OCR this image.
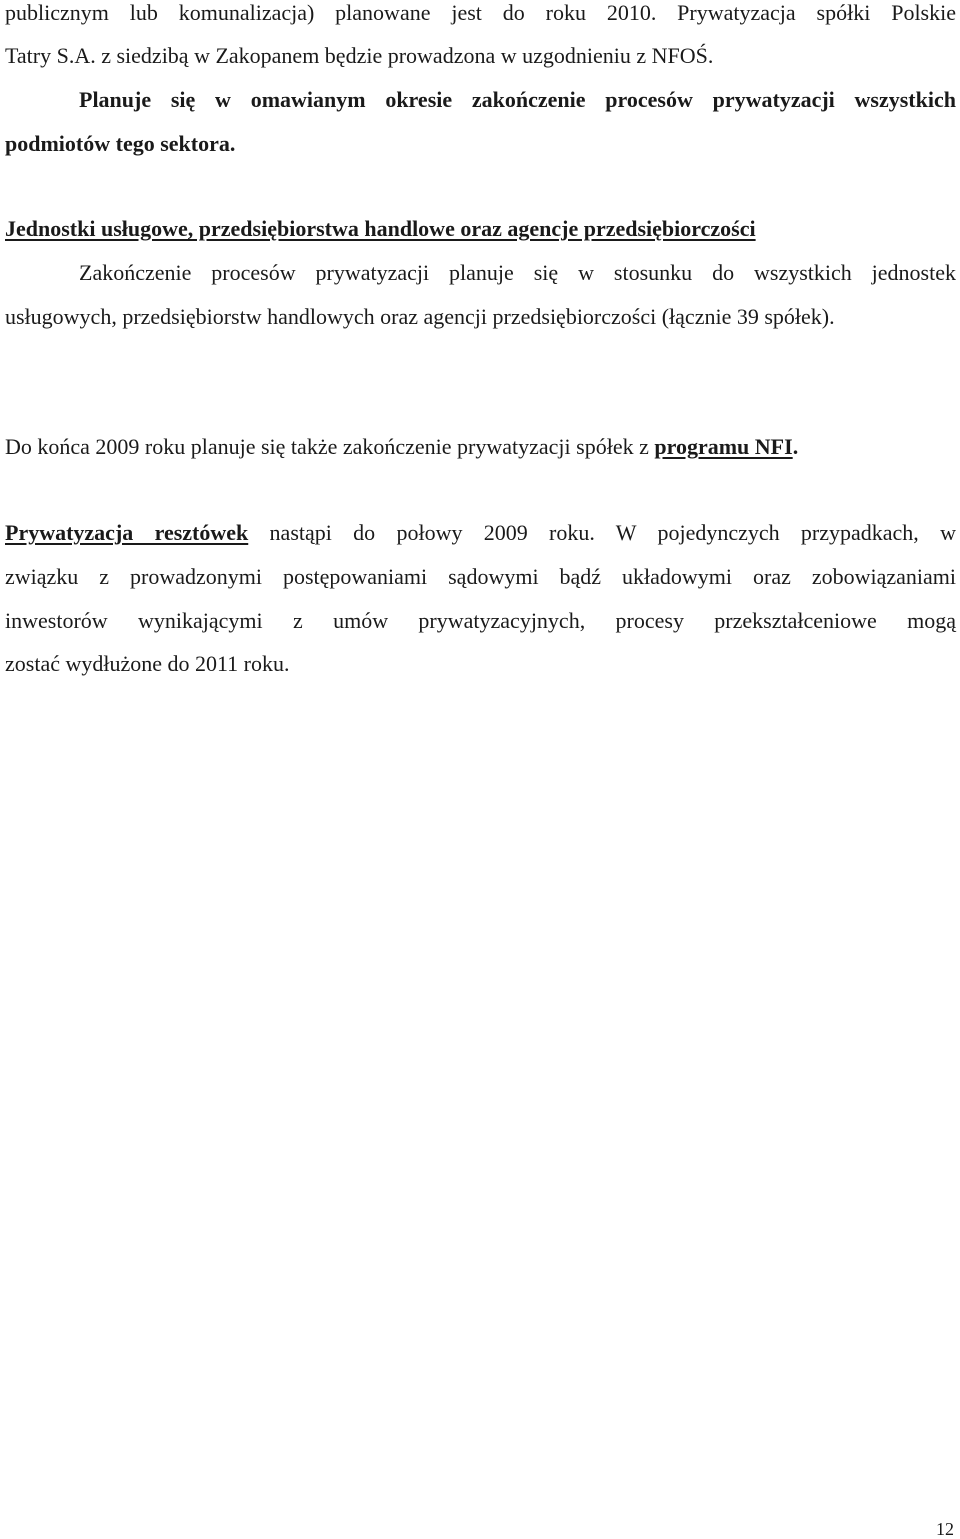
publicznym lub komunalizacja) planowane jest do roku 2010. Prywatyzacja spółki Polskie
Tatry S.A. z siedzibą w Zakopanem będzie prowadzona w uzgodnieniu z NFOŚ.
Planuje się w omawianym okresie zakończenie procesów prywatyzacji wszystkich
podmiotów tego sektora.
Jednostki usługowe, przedsiębiorstwa handlowe oraz agencje przedsiębiorczości
Zakończenie procesów prywatyzacji planuje się w stosunku do wszystkich jednostek
usługowych, przedsiębiorstw handlowych oraz agencji przedsiębiorczości (łącznie 39 spółek).
Do końca 2009 roku planuje się także zakończenie prywatyzacji spółek z programu NFI.
Prywatyzacja resztówek nastąpi do połowy 2009 roku. W pojedynczych przypadkach, w
związku z prowadzonymi postępowaniami sądowymi bądź układowymi oraz zobowiązaniami
inwestorów wynikającymi z umów prywatyzacyjnych, procesy przekształceniowe mogą
zostać wydłużone do 2011 roku.
12
